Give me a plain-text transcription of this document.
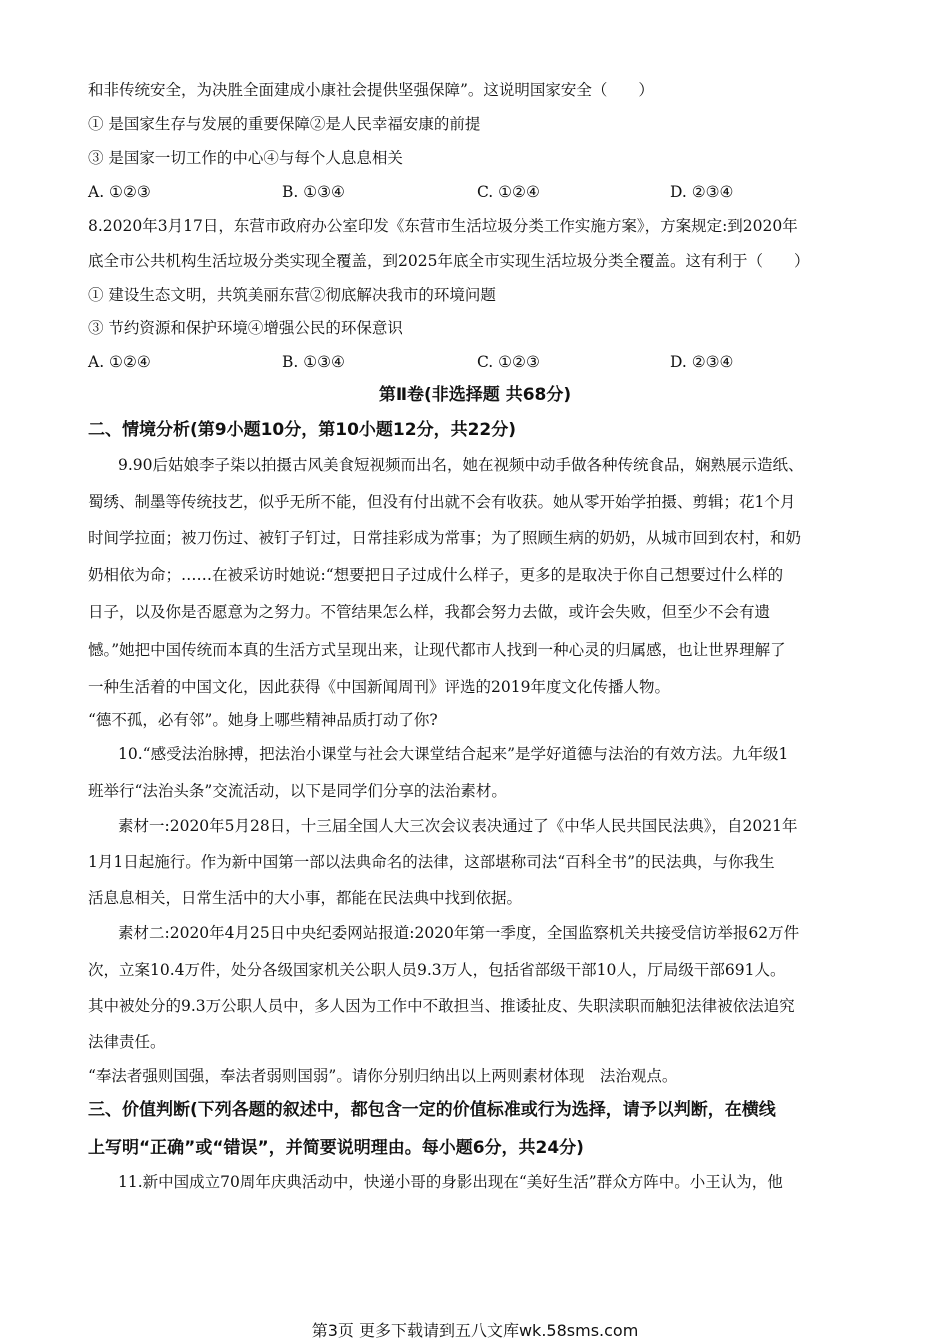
和非传统安全，为决胜全面建成小康社会提供坚强保障”。这说明国家安全（　　）
① 是国家生存与发展的重要保障②是人民幸福安康的前提
③ 是国家一切工作的中心④与每个人息息相关
A. ①②③	B. ①③④	C. ①②④	D. ②③④
8.2020年3月17日，东营市政府办公室印发《东营市生活垃圾分类工作实施方案》，方案规定:到2020年
底全市公共机构生活垃圾分类实现全覆盖，到2025年底全市实现生活垃圾分类全覆盖。这有利于（　　）
① 建设生态文明，共筑美丽东营②彻底解决我市的环境问题
③ 节约资源和保护环境④增强公民的环保意识
A. ①②④	B. ①③④	C. ①②③	D. ②③④
第Ⅱ卷(非选择题 共68分)
二、情境分析(第9小题10分，第10小题12分，共22分)
9.90后姑娘李子柒以拍摄古风美食短视频而出名，她在视频中动手做各种传统食品，娴熟展示造纸、
蜀绣、制墨等传统技艺，似乎无所不能，但没有付出就不会有收获。她从零开始学拍摄、剪辑；花1个月
时间学拉面；被刀伤过、被钉子钉过，日常挂彩成为常事；为了照顾生病的奶奶，从城市回到农村，和奶
奶相依为命；……在被采访时她说:“想要把日子过成什么样子，更多的是取决于你自己想要过什么样的
日子，以及你是否愿意为之努力。不管结果怎么样，我都会努力去做，或许会失败，但至少不会有遗
憾。”她把中国传统而本真的生活方式呈现出来，让现代都市人找到一种心灵的归属感，也让世界理解了
一种生活着的中国文化，因此获得《中国新闻周刊》评选的2019年度文化传播人物。
“德不孤，必有邻”。她身上哪些精神品质打动了你?
10.“感受法治脉搏，把法治小课堂与社会大课堂结合起来”是学好道德与法治的有效方法。九年级1
班举行“法治头条”交流活动，以下是同学们分享的法治素材。
素材一:2020年5月28日，十三届全国人大三次会议表决通过了《中华人民共国民法典》，自2021年
1月1日起施行。作为新中国第一部以法典命名的法律，这部堪称司法“百科全书”的民法典，与你我生
活息息相关，日常生活中的大小事，都能在民法典中找到依据。
素材二:2020年4月25日中央纪委网站报道:2020年第一季度，全国监察机关共接受信访举报62万件
次，立案10.4万件，处分各级国家机关公职人员9.3万人，包括省部级干部10人，厅局级干部691人。
其中被处分的9.3万公职人员中，多人因为工作中不敢担当、推诿扯皮、失职渎职而触犯法律被依法追究
法律责任。
“奉法者强则国强，奉法者弱则国弱”。请你分别归纳出以上两则素材体现　法治观点。
三、价值判断(下列各题的叙述中，都包含一定的价值标准或行为选择，请予以判断，在横线
上写明“正确”或“错误”，并简要说明理由。每小题6分，共24分)
11.新中国成立70周年庆典活动中，快递小哥的身影出现在“美好生活”群众方阵中。小王认为，他
第3页 更多下载请到五八文库wk.58sms.com
